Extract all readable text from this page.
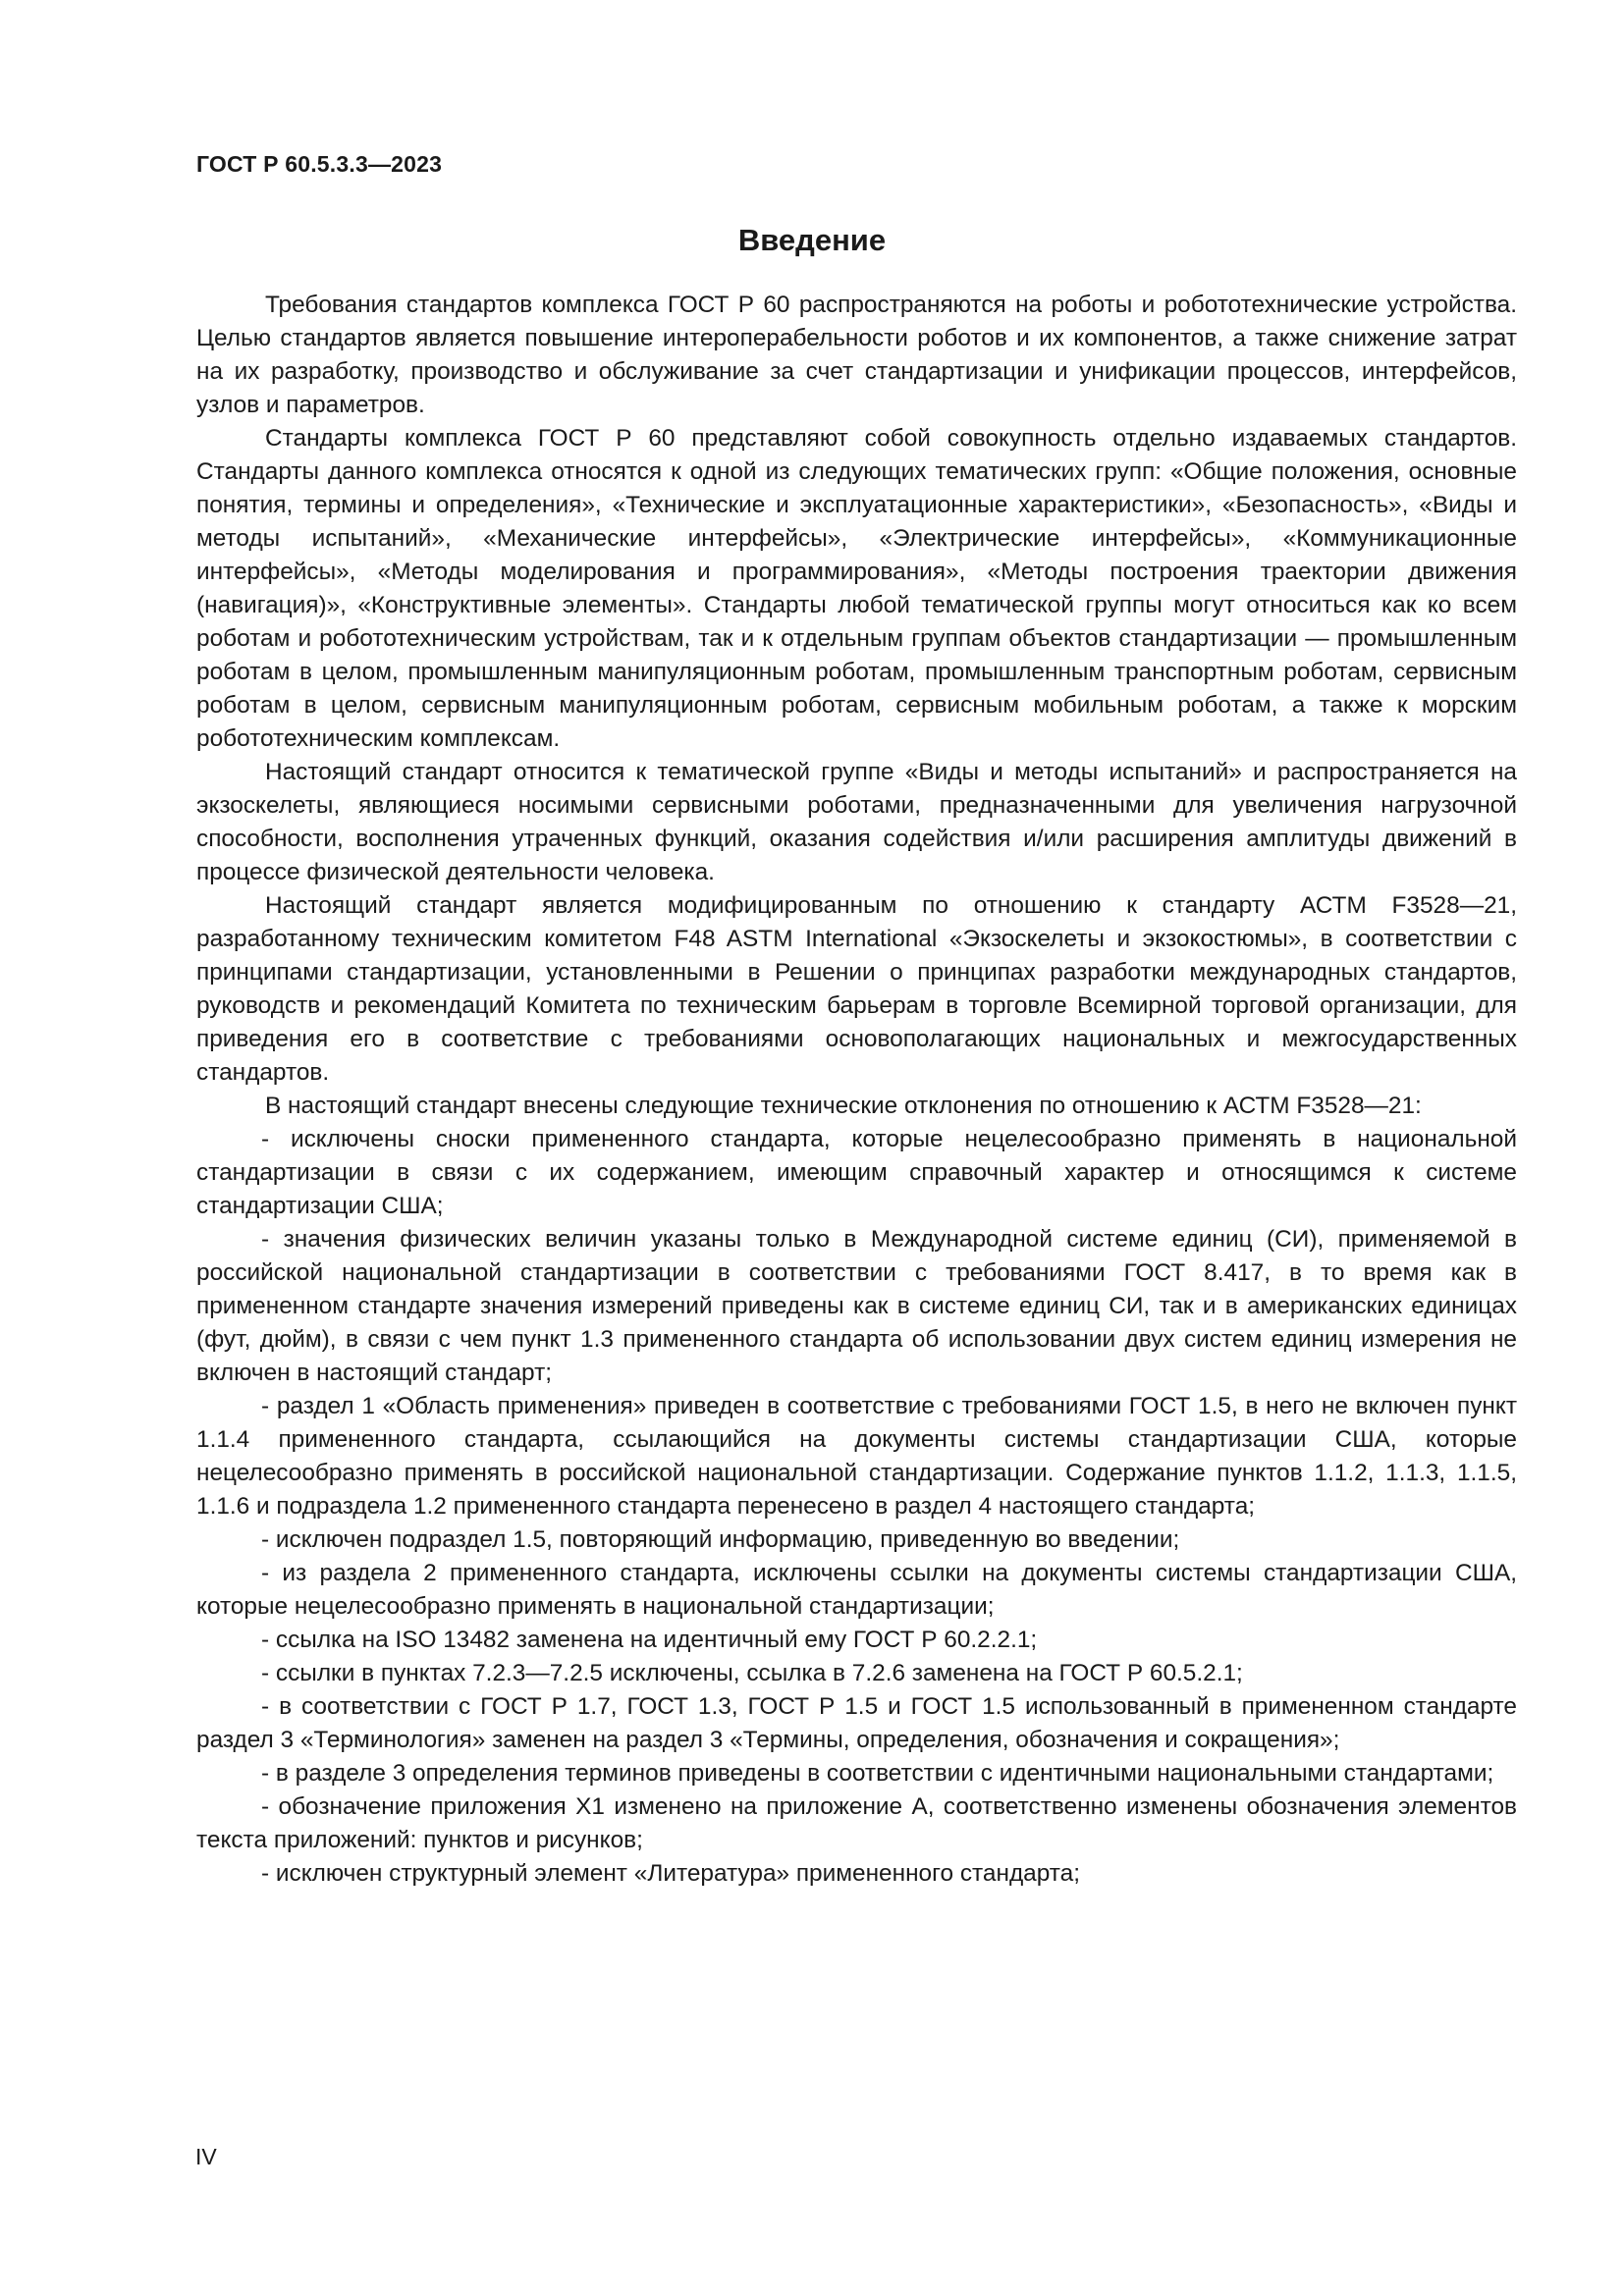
ГОСТ Р 60.5.3.3—2023
Введение

Требования стандартов комплекса ГОСТ Р 60 распространяются на роботы и робототехнические устройства. Целью стандартов является повышение интероперабельности роботов и их компонентов, а также снижение затрат на их разработку, производство и обслуживание за счет стандартизации и унификации процессов, интерфейсов, узлов и параметров.

Стандарты комплекса ГОСТ Р 60 представляют собой совокупность отдельно издаваемых стандартов. Стандарты данного комплекса относятся к одной из следующих тематических групп: «Общие положения, основные понятия, термины и определения», «Технические и эксплуатационные характеристики», «Безопасность», «Виды и методы испытаний», «Механические интерфейсы», «Электрические интерфейсы», «Коммуникационные интерфейсы», «Методы моделирования и программирования», «Методы построения траектории движения (навигация)», «Конструктивные элементы». Стандарты любой тематической группы могут относиться как ко всем роботам и робототехническим устройствам, так и к отдельным группам объектов стандартизации — промышленным роботам в целом, промышленным манипуляционным роботам, промышленным транспортным роботам, сервисным роботам в целом, сервисным манипуляционным роботам, сервисным мобильным роботам, а также к морским робототехническим комплексам.

Настоящий стандарт относится к тематической группе «Виды и методы испытаний» и распространяется на экзоскелеты, являющиеся носимыми сервисными роботами, предназначенными для увеличения нагрузочной способности, восполнения утраченных функций, оказания содействия и/или расширения амплитуды движений в процессе физической деятельности человека.

Настоящий стандарт является модифицированным по отношению к стандарту АСТМ F3528—21, разработанному техническим комитетом F48 ASTM International «Экзоскелеты и экзокостюмы», в соответствии с принципами стандартизации, установленными в Решении о принципах разработки международных стандартов, руководств и рекомендаций Комитета по техническим барьерам в торговле Всемирной торговой организации, для приведения его в соответствие с требованиями основополагающих национальных и межгосударственных стандартов.

В настоящий стандарт внесены следующие технические отклонения по отношению к АСТМ F3528—21:

- исключены сноски примененного стандарта, которые нецелесообразно применять в национальной стандартизации в связи с их содержанием, имеющим справочный характер и относящимся к системе стандартизации США;

- значения физических величин указаны только в Международной системе единиц (СИ), применяемой в российской национальной стандартизации в соответствии с требованиями ГОСТ 8.417, в то время как в примененном стандарте значения измерений приведены как в системе единиц СИ, так и в американских единицах (фут, дюйм), в связи с чем пункт 1.3 примененного стандарта об использовании двух систем единиц измерения не включен в настоящий стандарт;

- раздел 1 «Область применения» приведен в соответствие с требованиями ГОСТ 1.5, в него не включен пункт 1.1.4 примененного стандарта, ссылающийся на документы системы стандартизации США, которые нецелесообразно применять в российской национальной стандартизации. Содержание пунктов 1.1.2, 1.1.3, 1.1.5, 1.1.6 и подраздела 1.2 примененного стандарта перенесено в раздел 4 настоящего стандарта;

- исключен подраздел 1.5, повторяющий информацию, приведенную во введении;

- из раздела 2 примененного стандарта, исключены ссылки на документы системы стандартизации США, которые нецелесообразно применять в национальной стандартизации;

- ссылка на ISO 13482 заменена на идентичный ему ГОСТ Р 60.2.2.1;

- ссылки в пунктах 7.2.3—7.2.5 исключены, ссылка в 7.2.6 заменена на ГОСТ Р 60.5.2.1;

- в соответствии с ГОСТ Р 1.7, ГОСТ 1.3, ГОСТ Р 1.5 и ГОСТ 1.5 использованный в примененном стандарте раздел 3 «Терминология» заменен на раздел 3 «Термины, определения, обозначения и сокращения»;

- в разделе 3 определения терминов приведены в соответствии с идентичными национальными стандартами;

- обозначение приложения X1 изменено на приложение А, соответственно изменены обозначения элементов текста приложений: пунктов и рисунков;

- исключен структурный элемент «Литература» примененного стандарта;

IV
